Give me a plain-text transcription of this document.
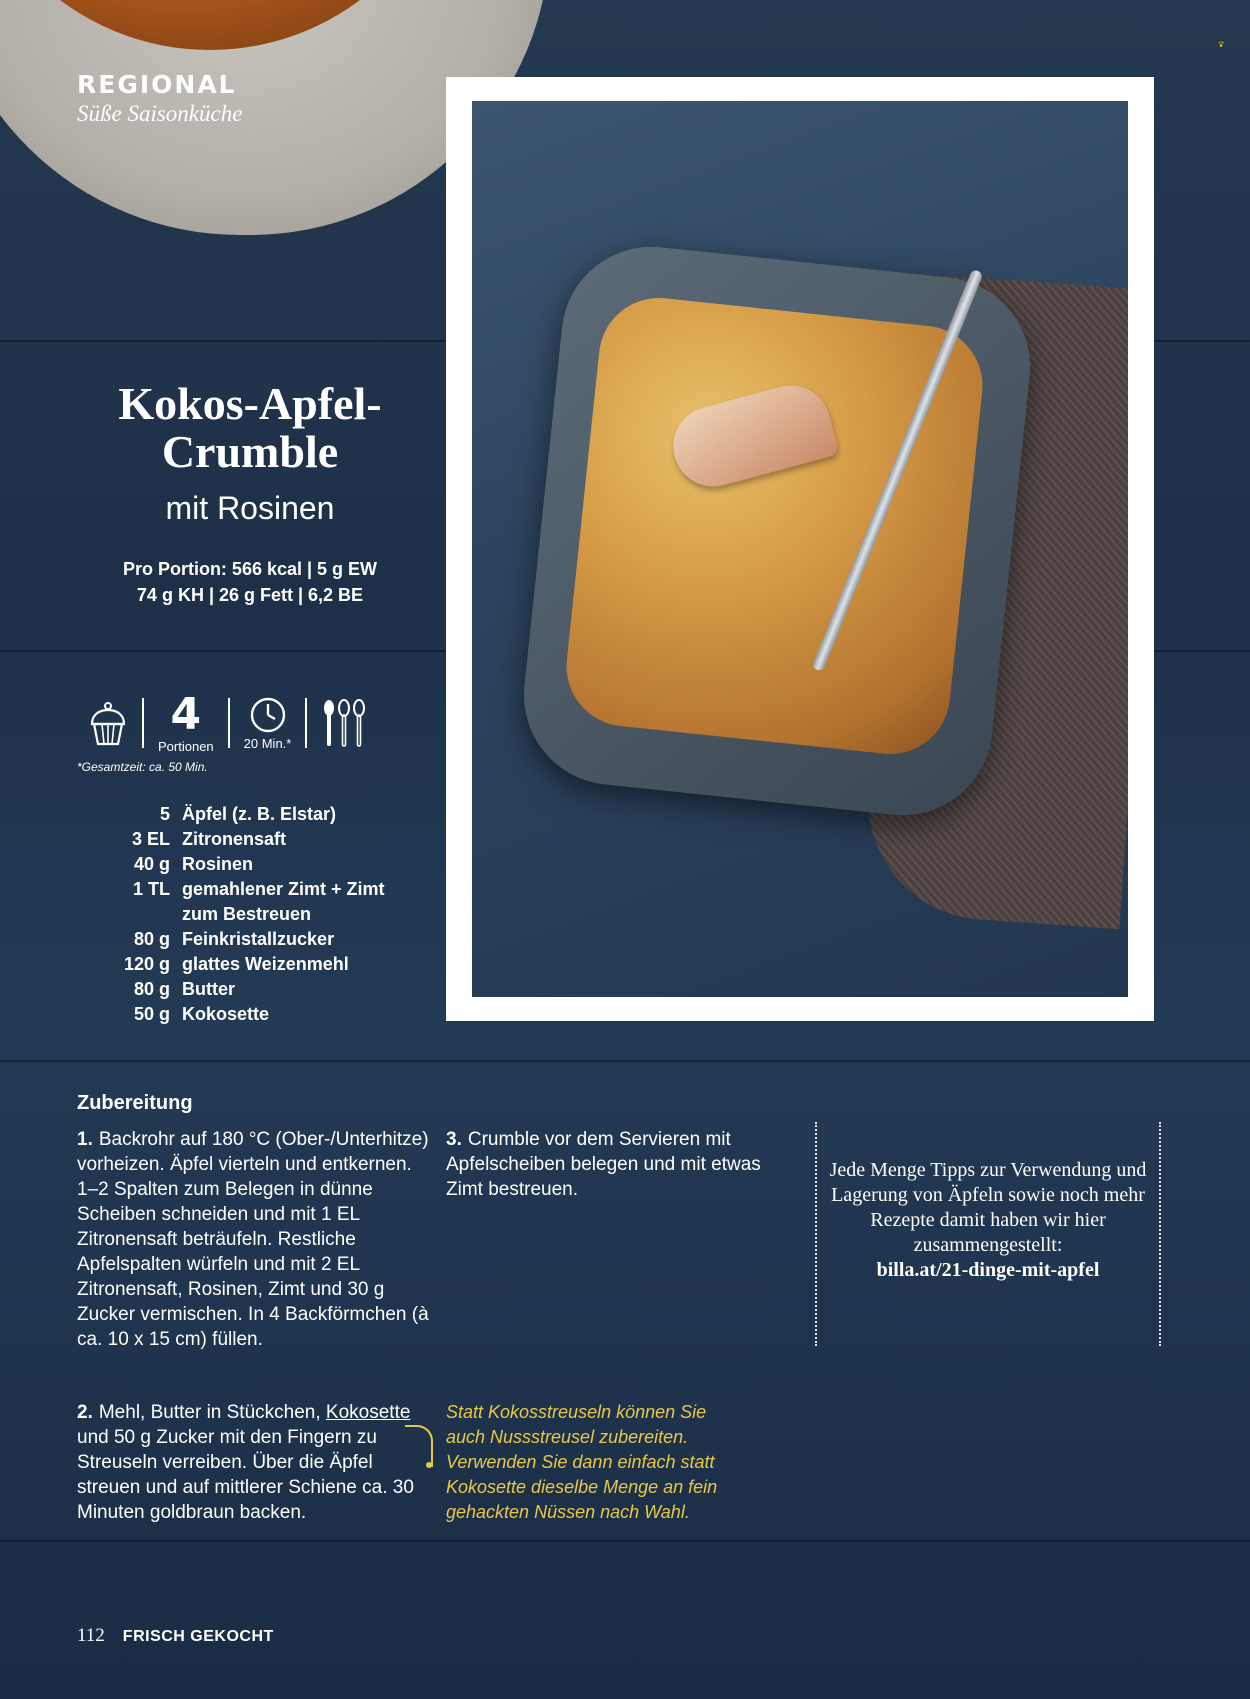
REGIONAL
Süße Saisonküche
Kokos-Apfel-
Crumble
mit Rosinen
Pro Portion: 566 kcal | 5 g EW
74 g KH | 26 g Fett | 6,2 BE
4
Portionen 20 Min.*
*Gesamtzeit: ca. 50 Min.
5 Äpfel (z. B. Elstar)
3 EL Zitronensaft
40 g Rosinen
1 TL gemahlener Zimt + Zimt zum Bestreuen
80 g Feinkristallzucker
120 g glattes Weizenmehl
80 g Butter
50 g Kokosette
Zubereitung
1. Backrohr auf 180 °C (Ober-/Unterhitze) vorheizen. Äpfel vierteln und entkernen. 1–2 Spalten zum Belegen in dünne Scheiben schneiden und mit 1 EL Zitronensaft beträufeln. Restliche Apfelspalten würfeln und mit 2 EL Zitronensaft, Rosinen, Zimt und 30 g Zucker vermischen. In 4 Backförmchen (à ca. 10 x 15 cm) füllen.
2. Mehl, Butter in Stückchen, Kokosette und 50 g Zucker mit den Fingern zu Streuseln verreiben. Über die Äpfel streuen und auf mittlerer Schiene ca. 30 Minuten goldbraun backen.
3. Crumble vor dem Servieren mit Apfelscheiben belegen und mit etwas Zimt bestreuen.
Statt Kokosstreuseln können Sie auch Nussstreusel zubereiten. Verwenden Sie dann einfach statt Kokosette dieselbe Menge an fein gehackten Nüssen nach Wahl.
Jede Menge Tipps zur Verwendung und Lagerung von Äpfeln sowie noch mehr Rezepte damit haben wir hier zusammengestellt:
billa.at/21-dinge-mit-apfel
112 FRISCH GEKOCHT
